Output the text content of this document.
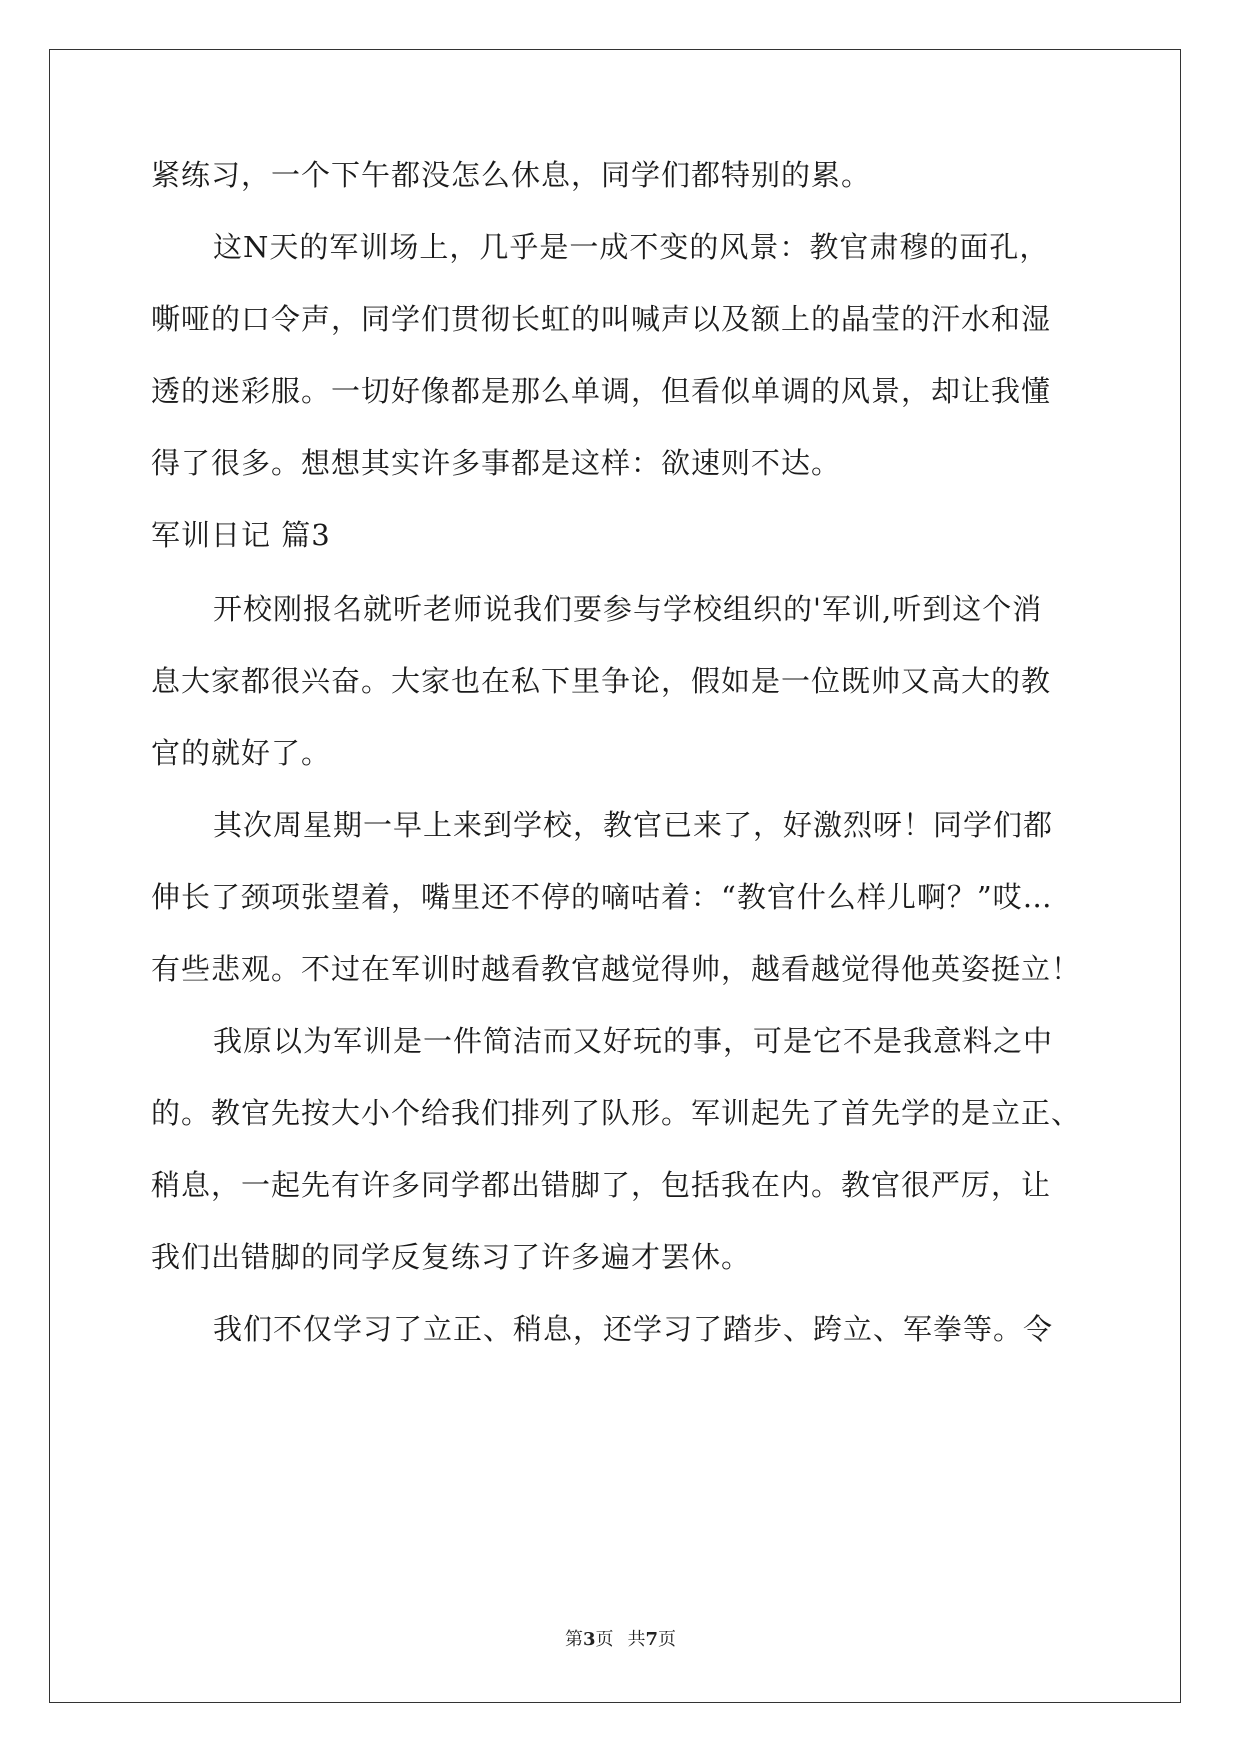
紧练习，一个下午都没怎么休息，同学们都特别的累。
这N天的军训场上，几乎是一成不变的风景：教官肃穆的面孔，
嘶哑的口令声，同学们贯彻长虹的叫喊声以及额上的晶莹的汗水和湿
透的迷彩服。一切好像都是那么单调，但看似单调的风景，却让我懂
得了很多。想想其实许多事都是这样：欲速则不达。
军训日记 篇3
开校刚报名就听老师说我们要参与学校组织的'军训,听到这个消
息大家都很兴奋。大家也在私下里争论，假如是一位既帅又高大的教
官的就好了。
其次周星期一早上来到学校，教官已来了，好激烈呀！同学们都
伸长了颈项张望着，嘴里还不停的嘀咕着：“教官什么样儿啊？”哎…
有些悲观。不过在军训时越看教官越觉得帅，越看越觉得他英姿挺立！
我原以为军训是一件简洁而又好玩的事，可是它不是我意料之中
的。教官先按大小个给我们排列了队形。军训起先了首先学的是立正、
稍息，一起先有许多同学都出错脚了，包括我在内。教官很严厉，让
我们出错脚的同学反复练习了许多遍才罢休。
我们不仅学习了立正、稍息，还学习了踏步、跨立、军拳等。令
第3页 共7页
